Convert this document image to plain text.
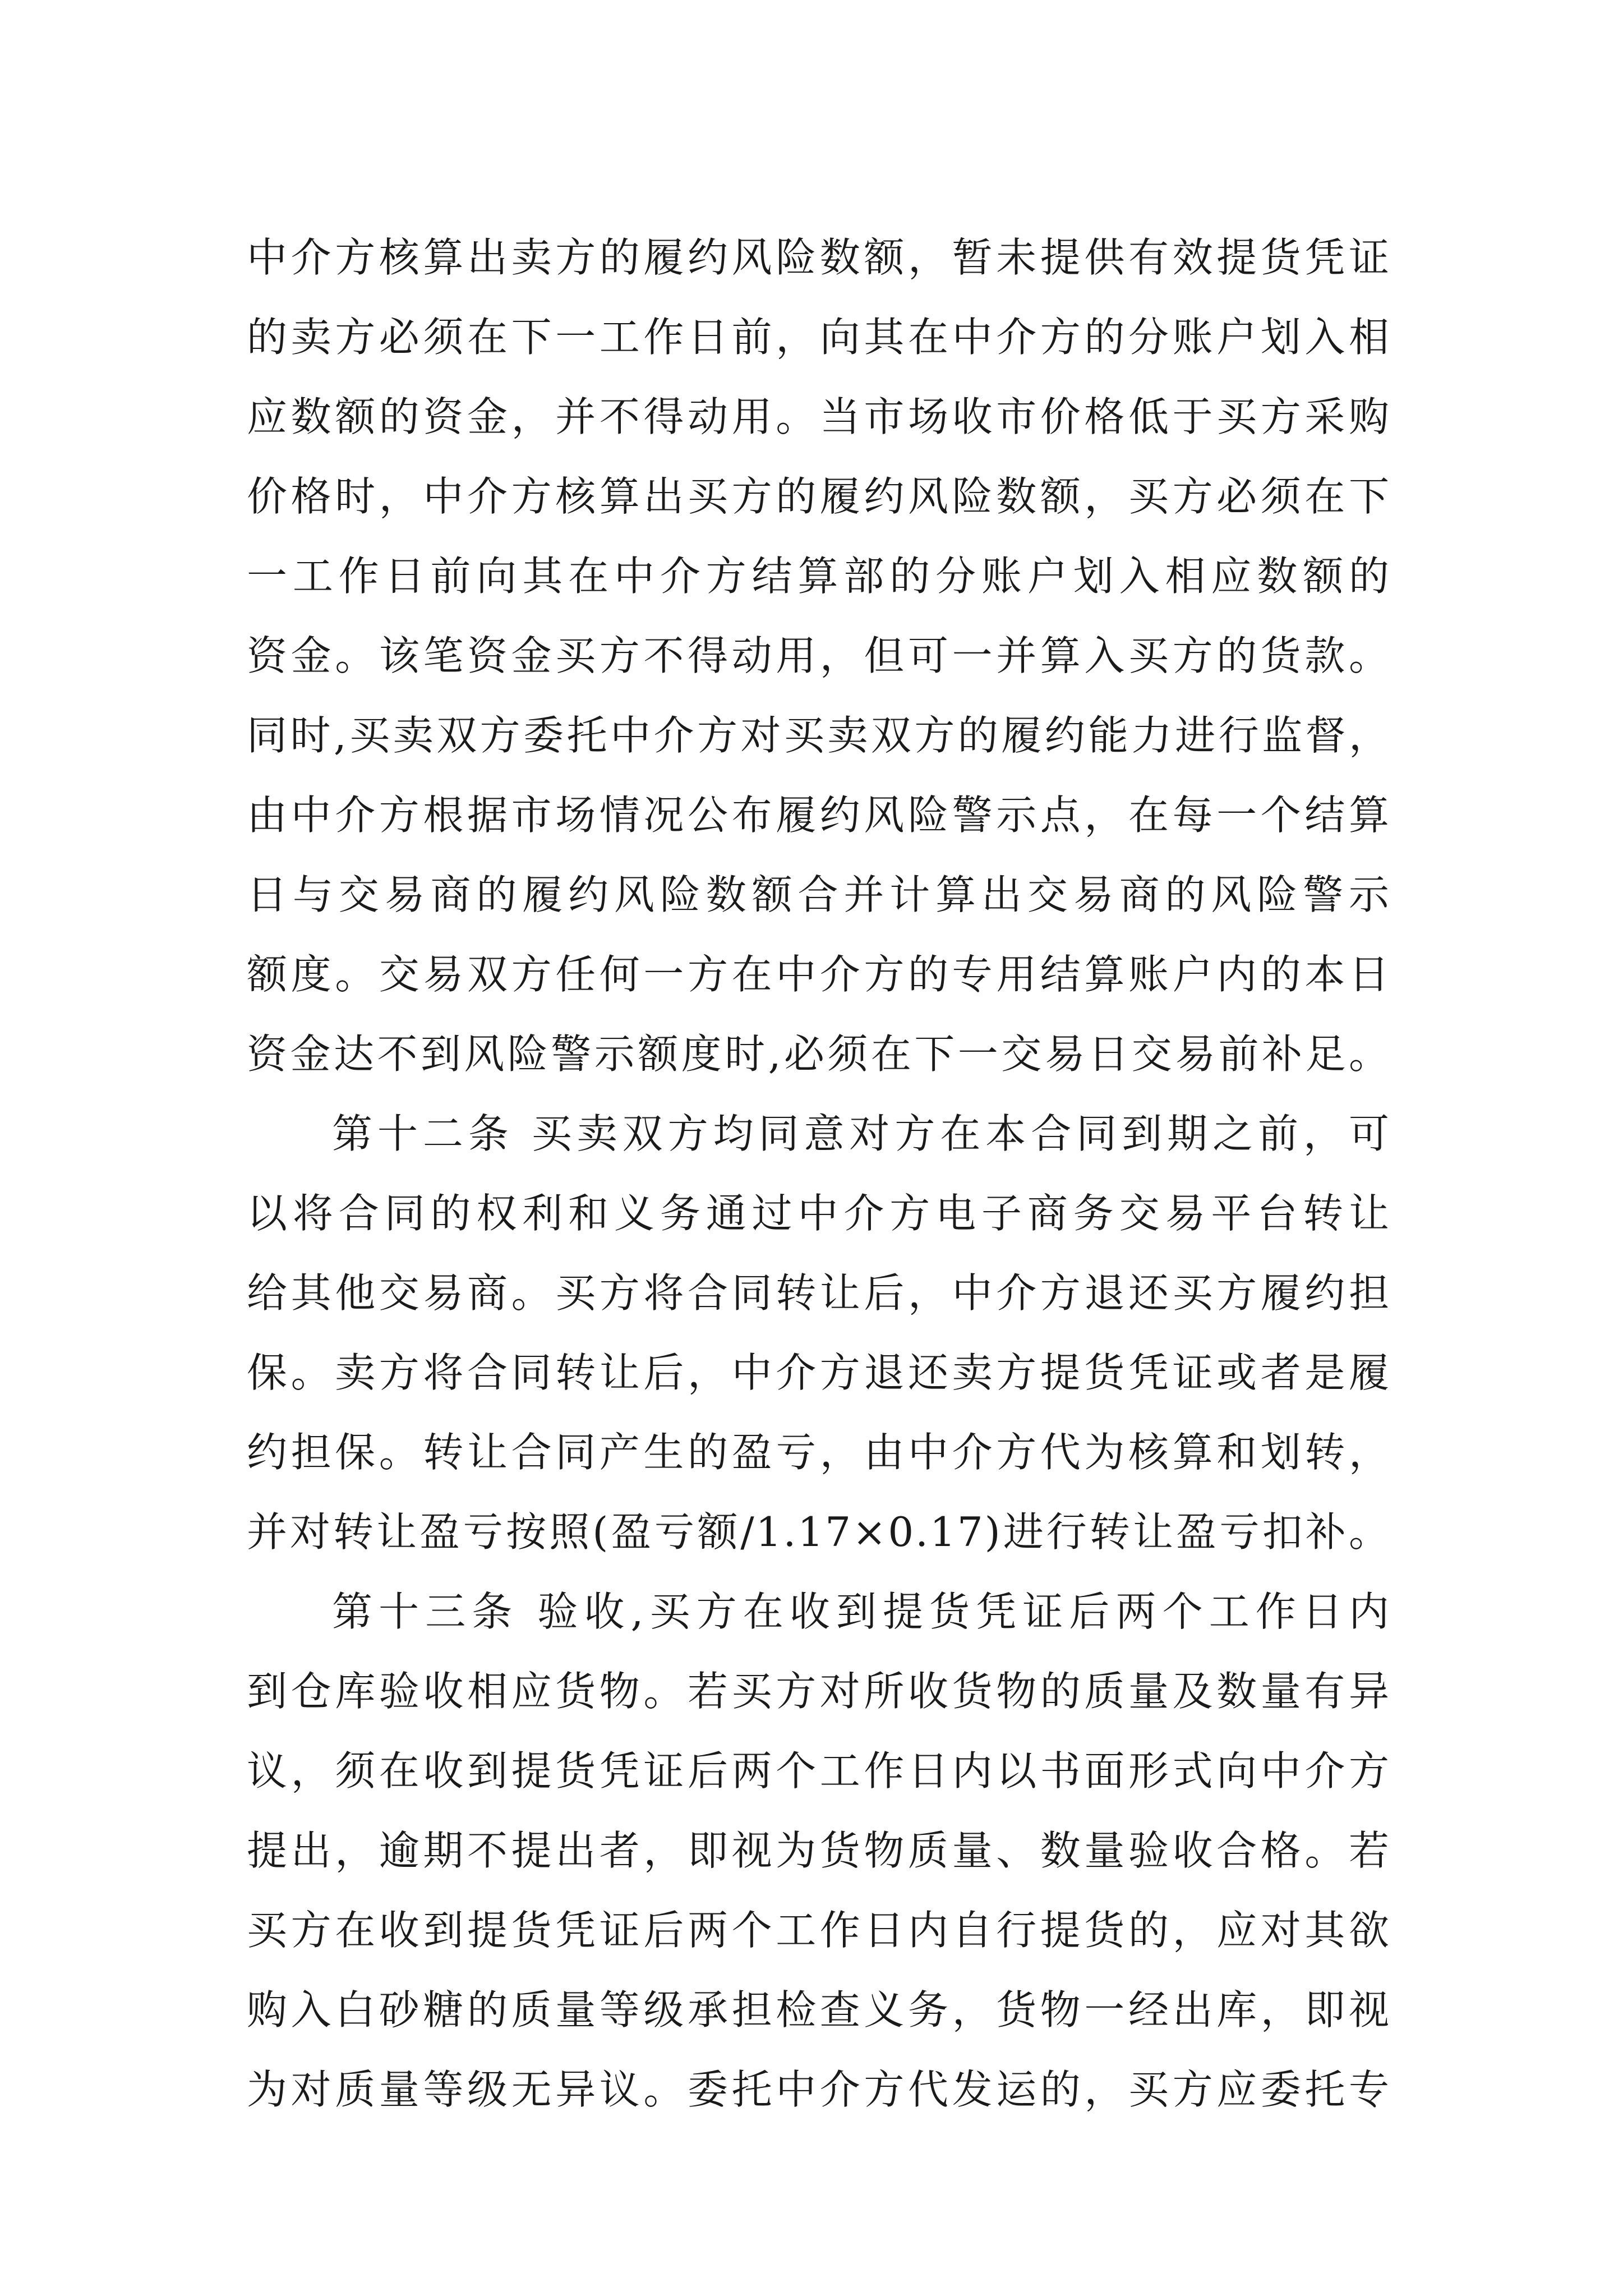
中介方核算出卖方的履约风险数额，暂未提供有效提货凭证
的卖方必须在下一工作日前，向其在中介方的分账户划入相
应数额的资金，并不得动用。当市场收市价格低于买方采购
价格时，中介方核算出买方的履约风险数额，买方必须在下
一工作日前向其在中介方结算部的分账户划入相应数额的
资金。该笔资金买方不得动用，但可一并算入买方的货款。
同时,买卖双方委托中介方对买卖双方的履约能力进行监督，
由中介方根据市场情况公布履约风险警示点，在每一个结算
日与交易商的履约风险数额合并计算出交易商的风险警示
额度。交易双方任何一方在中介方的专用结算账户内的本日
资金达不到风险警示额度时,必须在下一交易日交易前补足。
第十二条 买卖双方均同意对方在本合同到期之前，可
以将合同的权利和义务通过中介方电子商务交易平台转让
给其他交易商。买方将合同转让后，中介方退还买方履约担
保。卖方将合同转让后，中介方退还卖方提货凭证或者是履
约担保。转让合同产生的盈亏，由中介方代为核算和划转，
并对转让盈亏按照(盈亏额/1.17×0.17)进行转让盈亏扣补。
第十三条 验收,买方在收到提货凭证后两个工作日内
到仓库验收相应货物。若买方对所收货物的质量及数量有异
议，须在收到提货凭证后两个工作日内以书面形式向中介方
提出，逾期不提出者，即视为货物质量、数量验收合格。若
买方在收到提货凭证后两个工作日内自行提货的，应对其欲
购入白砂糖的质量等级承担检查义务，货物一经出库，即视
为对质量等级无异议。委托中介方代发运的，买方应委托专
